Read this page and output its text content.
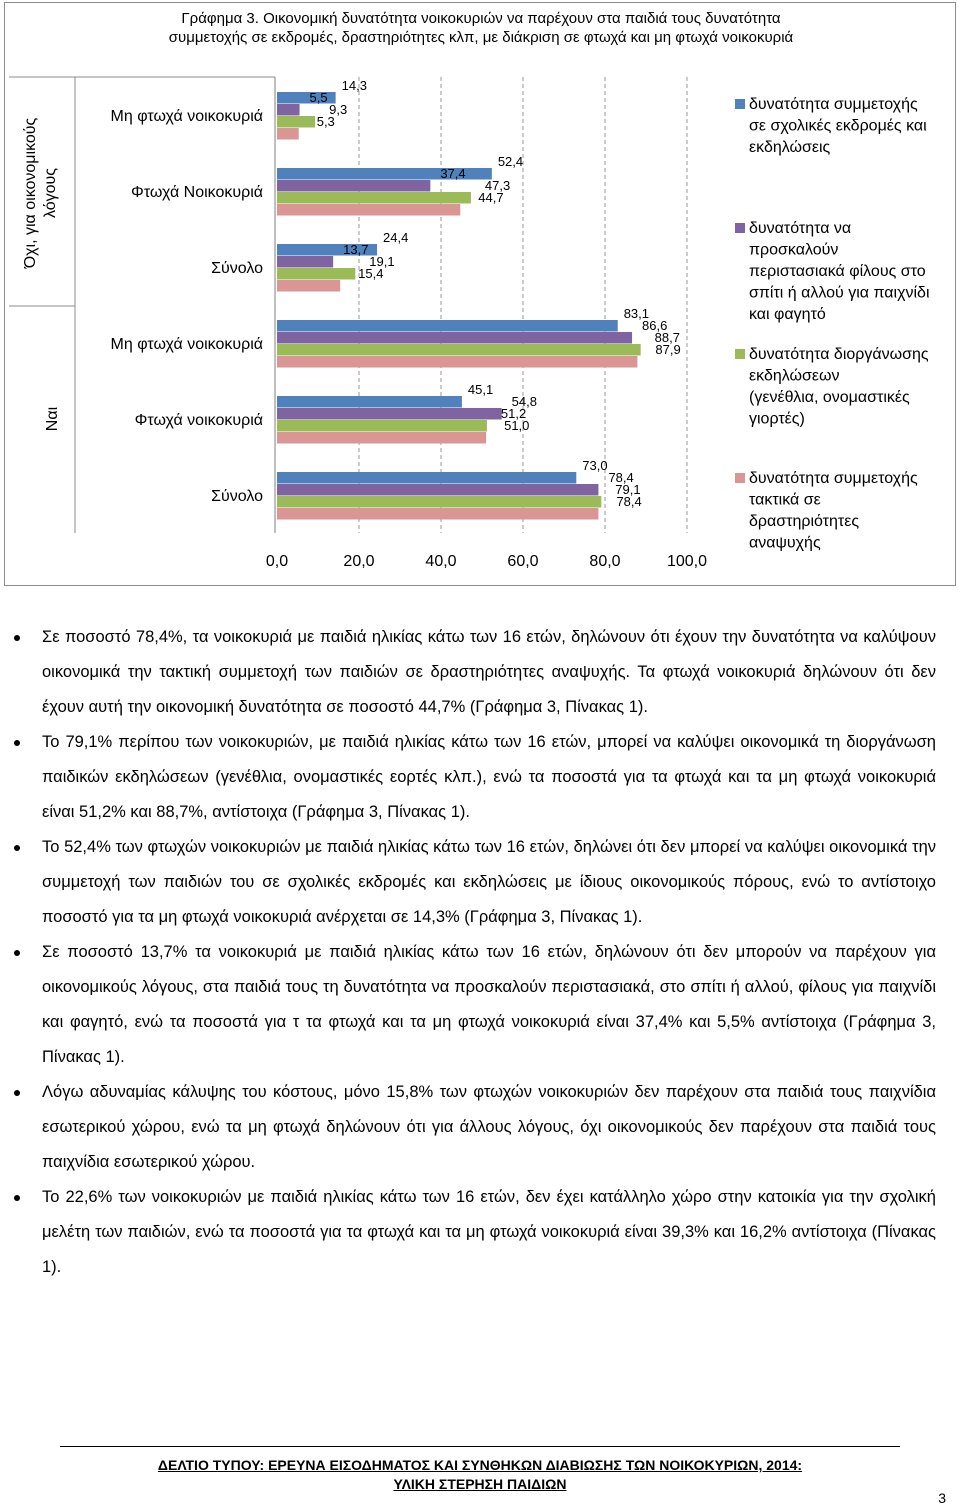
Γράφημα 3. Οικονομική δυνατότητα νοικοκυριών να παρέχουν στα παιδιά τους δυνατότητα
συμμετοχής σε εκδρομές, δραστηριότητες κλπ, με διάκριση σε φτωχά και μη φτωχά νοικοκυριά
0,0	20,0	40,0	60,0	80,0	100,0
Μη φτωχά νοικοκυριά
Φτωχά Νοικοκυριά
Σύνολο
Μη φτωχά νοικοκυριά
Φτωχά νοικοκυριά
Σύνολο
Όχι, για οικονομικούς λόγους
Ναι
14,3
52,4
24,4
83,1
45,1
73,0
5,5
37,4
13,7
86,6
54,8
78,4
9,3
47,3
19,1
88,7
51,2
79,1
5,3
44,7
15,4
87,9
51,0
78,4
δυνατότητα συμμετοχής
σε σχολικές εκδρομές και
εκδηλώσεις
δυνατότητα να
προσκαλούν
περιστασιακά φίλους στο
σπίτι ή αλλού για παιχνίδι
και φαγητό
δυνατότητα διοργάνωσης
εκδηλώσεων
(γενέθλια, ονομαστικές
γιορτές)
δυνατότητα συμμετοχής
τακτικά σε
δραστηριότητες
αναψυχής
Σε ποσοστό 78,4%, τα νοικοκυριά με παιδιά ηλικίας κάτω των 16 ετών, δηλώνουν ότι έχουν την δυνατότητα να καλύψουν οικονομικά την τακτική συμμετοχή των παιδιών σε δραστηριότητες αναψυχής. Τα φτωχά νοικοκυριά δηλώνουν ότι δεν έχουν αυτή την οικονομική δυνατότητα σε ποσοστό 44,7% (Γράφημα 3, Πίνακας 1).
Το 79,1% περίπου των νοικοκυριών, με παιδιά ηλικίας κάτω των 16 ετών, μπορεί να καλύψει οικονομικά τη διοργάνωση παιδικών εκδηλώσεων (γενέθλια, ονομαστικές εορτές κλπ.), ενώ τα ποσοστά για τα φτωχά και τα μη φτωχά νοικοκυριά είναι 51,2% και 88,7%, αντίστοιχα (Γράφημα 3, Πίνακας 1).
Το 52,4% των φτωχών νοικοκυριών με παιδιά ηλικίας κάτω των 16 ετών, δηλώνει ότι δεν μπορεί να καλύψει οικονομικά την συμμετοχή των παιδιών του σε σχολικές εκδρομές και εκδηλώσεις με ίδιους οικονομικούς πόρους, ενώ το αντίστοιχο ποσοστό για τα μη φτωχά νοικοκυριά ανέρχεται σε 14,3% (Γράφημα 3, Πίνακας 1).
Σε ποσοστό 13,7% τα νοικοκυριά με παιδιά ηλικίας κάτω των 16 ετών, δηλώνουν ότι δεν μπορούν να παρέχουν για οικονομικούς λόγους, στα παιδιά τους τη δυνατότητα να προσκαλούν περιστασιακά, στο σπίτι ή αλλού, φίλους για παιχνίδι και φαγητό, ενώ τα ποσοστά για τ τα φτωχά και τα μη φτωχά νοικοκυριά είναι 37,4% και 5,5% αντίστοιχα (Γράφημα 3, Πίνακας 1).
Λόγω αδυναμίας κάλυψης του κόστους, μόνο 15,8% των φτωχών νοικοκυριών δεν παρέχουν στα παιδιά τους παιχνίδια εσωτερικού χώρου, ενώ τα μη φτωχά δηλώνουν ότι για άλλους λόγους, όχι οικονομικούς δεν παρέχουν στα παιδιά τους παιχνίδια εσωτερικού χώρου.
Το 22,6% των νοικοκυριών με παιδιά ηλικίας κάτω των 16 ετών, δεν έχει κατάλληλο χώρο στην κατοικία για την σχολική μελέτη των παιδιών, ενώ τα ποσοστά για τα φτωχά και τα μη φτωχά νοικοκυριά είναι 39,3% και 16,2% αντίστοιχα (Πίνακας 1).
ΔΕΛΤΙΟ ΤΥΠΟΥ: ΕΡΕΥΝΑ ΕΙΣΟΔΗΜΑΤΟΣ ΚΑΙ ΣΥΝΘΗΚΩΝ ΔΙΑΒΙΩΣΗΣ ΤΩΝ ΝΟΙΚΟΚΥΡΙΩΝ, 2014:
ΥΛΙΚΗ ΣΤΕΡΗΣΗ ΠΑΙΔΙΩΝ
3
